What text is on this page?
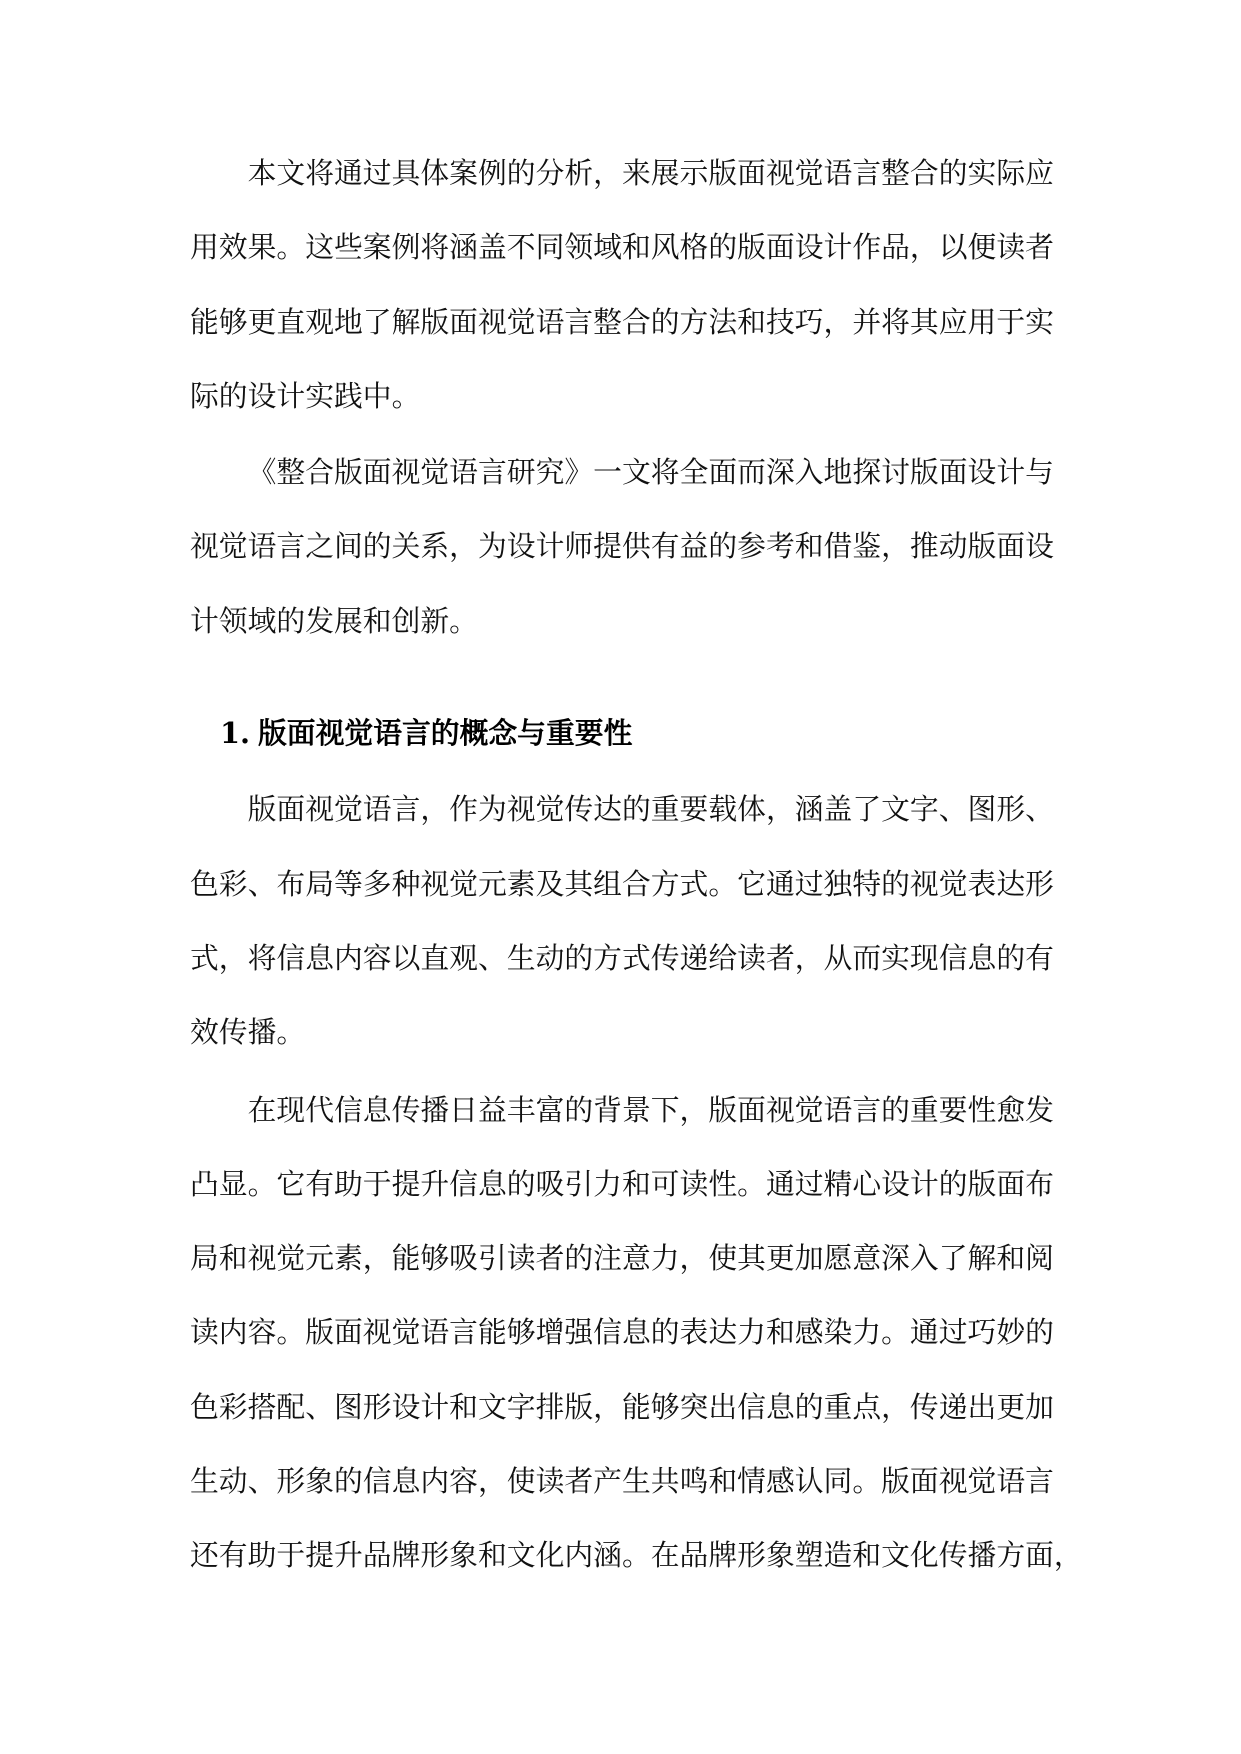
本文将通过具体案例的分析，来展示版面视觉语言整合的实际应
用效果。这些案例将涵盖不同领域和风格的版面设计作品，以便读者
能够更直观地了解版面视觉语言整合的方法和技巧，并将其应用于实
际的设计实践中。
《整合版面视觉语言研究》一文将全面而深入地探讨版面设计与
视觉语言之间的关系，为设计师提供有益的参考和借鉴，推动版面设
计领域的发展和创新。
1. 版面视觉语言的概念与重要性
版面视觉语言，作为视觉传达的重要载体，涵盖了文字、图形、
色彩、布局等多种视觉元素及其组合方式。它通过独特的视觉表达形
式，将信息内容以直观、生动的方式传递给读者，从而实现信息的有
效传播。
在现代信息传播日益丰富的背景下，版面视觉语言的重要性愈发
凸显。它有助于提升信息的吸引力和可读性。通过精心设计的版面布
局和视觉元素，能够吸引读者的注意力，使其更加愿意深入了解和阅
读内容。版面视觉语言能够增强信息的表达力和感染力。通过巧妙的
色彩搭配、图形设计和文字排版，能够突出信息的重点，传递出更加
生动、形象的信息内容，使读者产生共鸣和情感认同。版面视觉语言
还有助于提升品牌形象和文化内涵。在品牌形象塑造和文化传播方面，
